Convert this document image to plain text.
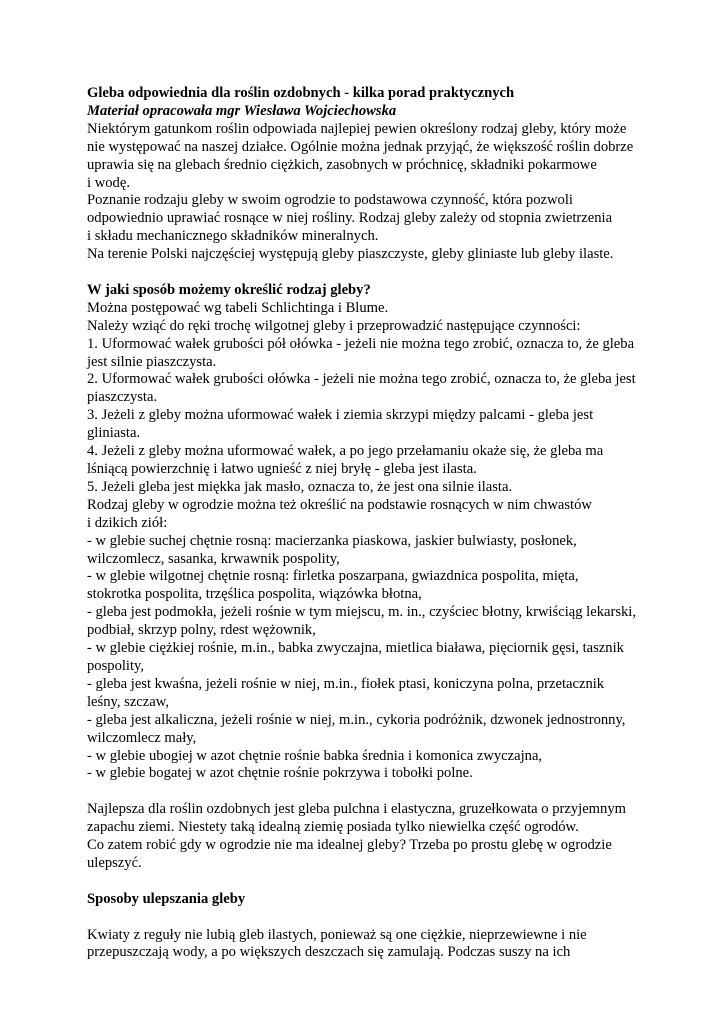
Gleba odpowiednia dla roślin ozdobnych - kilka porad praktycznych
Materiał opracowała mgr Wiesława Wojciechowska
Niektórym gatunkom roślin odpowiada najlepiej pewien określony rodzaj gleby, który może
nie występować na naszej działce. Ogólnie można jednak przyjąć, że większość roślin dobrze
uprawia się na glebach średnio ciężkich, zasobnych w próchnicę, składniki pokarmowe
i wodę.
Poznanie rodzaju gleby w swoim ogrodzie to podstawowa czynność, która pozwoli
odpowiednio uprawiać rosnące w niej rośliny. Rodzaj gleby zależy od stopnia zwietrzenia
i składu mechanicznego składników mineralnych.
Na terenie Polski najczęściej występują gleby piaszczyste, gleby gliniaste lub gleby ilaste.
W jaki sposób możemy określić rodzaj gleby?
Można postępować wg tabeli Schlichtinga i Blume.
Należy wziąć do ręki trochę wilgotnej gleby i przeprowadzić następujące czynności:
1. Uformować wałek grubości pół ołówka - jeżeli nie można tego zrobić, oznacza to, że gleba
jest silnie piaszczysta.
2. Uformować wałek grubości ołówka - jeżeli nie można tego zrobić, oznacza to, że gleba jest
piaszczysta.
3. Jeżeli z gleby można uformować wałek i ziemia skrzypi między palcami - gleba jest
gliniasta.
4. Jeżeli z gleby można uformować wałek, a po jego przełamaniu okaże się, że gleba ma
lśniącą powierzchnię i łatwo ugnieść z niej bryłę - gleba jest ilasta.
5. Jeżeli gleba jest miękka jak masło, oznacza to, że jest ona silnie ilasta.
Rodzaj gleby w ogrodzie można też określić na podstawie rosnących w nim chwastów
i dzikich ziół:
- w glebie suchej chętnie rosną: macierzanka piaskowa, jaskier bulwiasty, posłonek,
wilczomlecz, sasanka, krwawnik pospolity,
- w glebie wilgotnej chętnie rosną: firletka poszarpana, gwiazdnica pospolita, mięta,
stokrotka pospolita, trzęślica pospolita, wiązówka błotna,
- gleba jest podmokła, jeżeli rośnie w tym miejscu, m. in., czyściec błotny, krwiściąg lekarski,
podbiał, skrzyp polny, rdest wężownik,
- w glebie ciężkiej rośnie, m.in., babka zwyczajna, mietlica biaława, pięciornik gęsi, tasznik
pospolity,
- gleba jest kwaśna, jeżeli rośnie w niej, m.in., fiołek ptasi, koniczyna polna, przetacznik
leśny, szczaw,
- gleba jest alkaliczna, jeżeli rośnie w niej, m.in., cykoria podróżnik, dzwonek jednostronny,
wilczomlecz mały,
- w glebie ubogiej w azot chętnie rośnie babka średnia i komonica zwyczajna,
- w glebie bogatej w azot chętnie rośnie pokrzywa i tobołki polne.
Najlepsza dla roślin ozdobnych jest gleba pulchna i elastyczna, gruzełkowata o przyjemnym
zapachu ziemi. Niestety taką idealną ziemię posiada tylko niewielka część ogrodów.
Co zatem robić gdy w ogrodzie nie ma idealnej gleby? Trzeba po prostu glebę w ogrodzie
ulepszyć.
Sposoby ulepszania gleby
Kwiaty z reguły nie lubią gleb ilastych, ponieważ są one ciężkie, nieprzewiewne i nie
przepuszczają wody, a po większych deszczach się zamulają. Podczas suszy na ich
